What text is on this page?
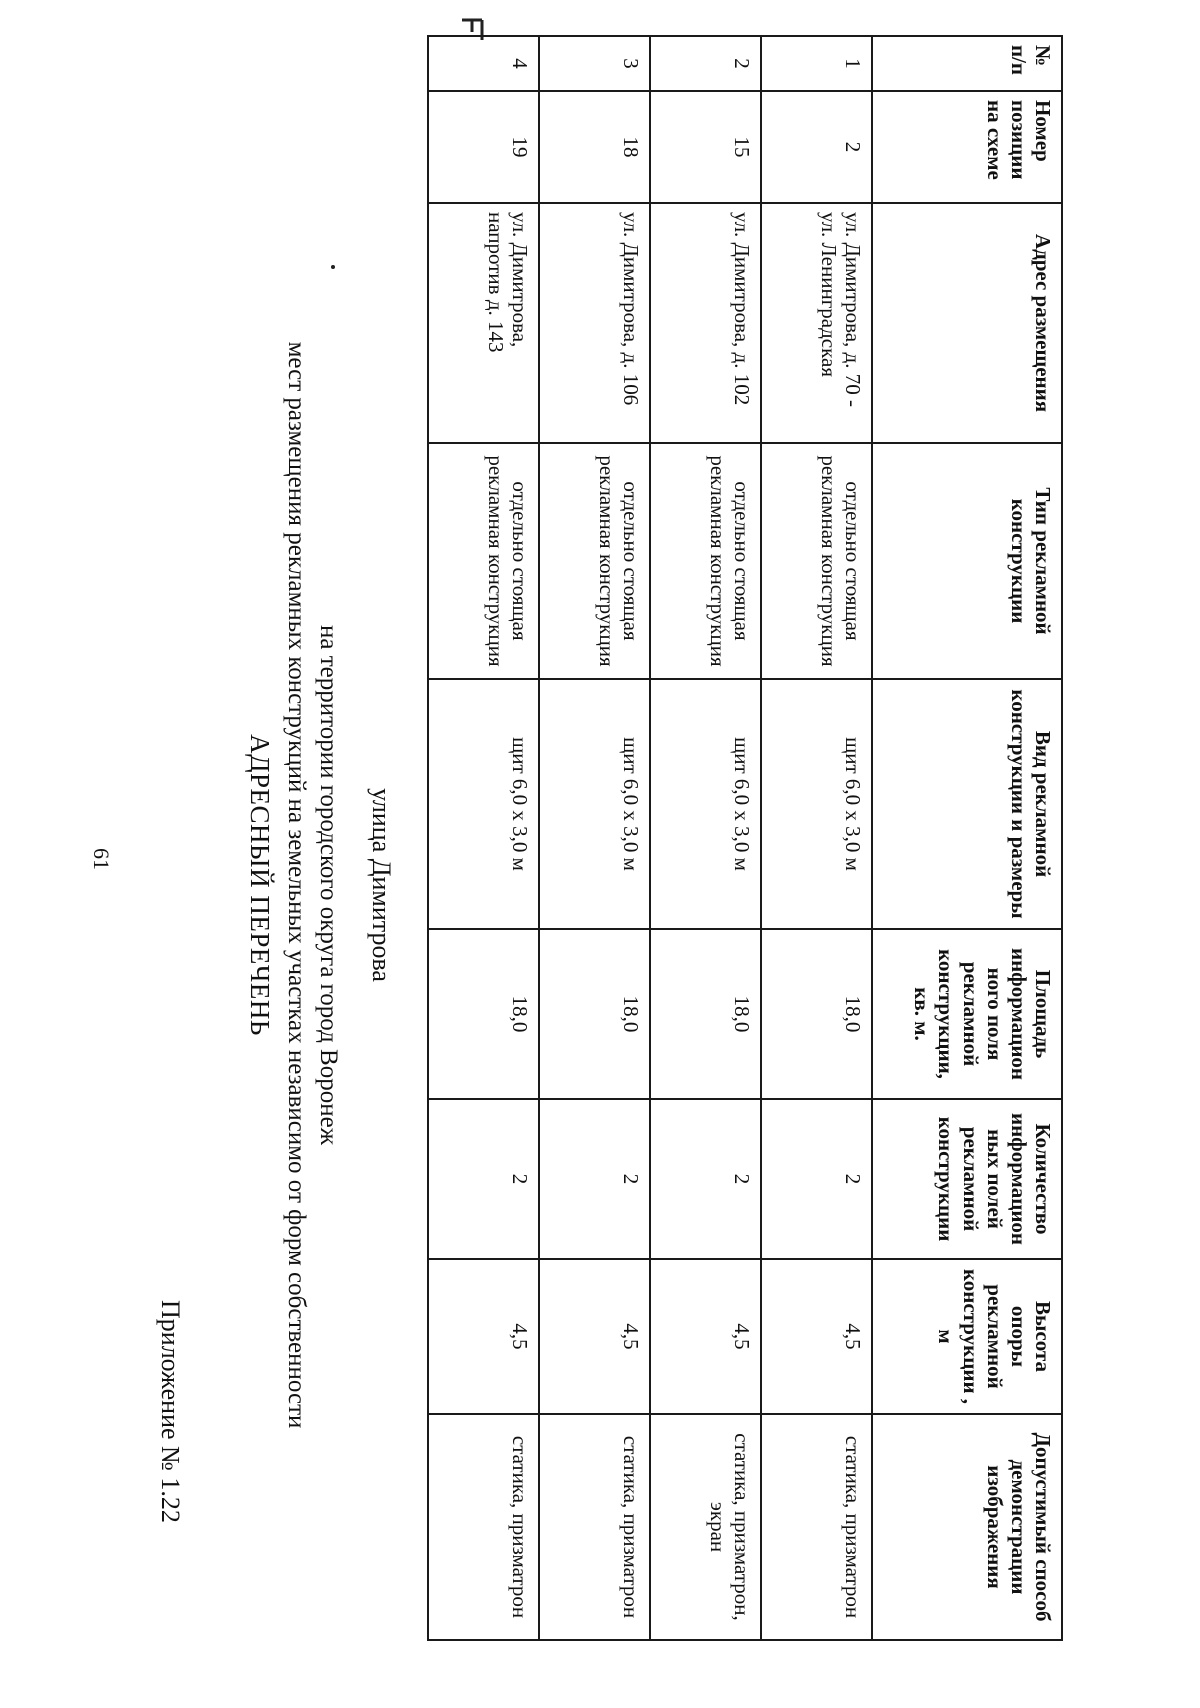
61
Приложение № 1.22
АДРЕСНЫЙ ПЕРЕЧЕНЬ мест размещения рекламных конструкций на земельных участках независимо от форм собственности на территории городского округа город Воронеж улица Димитрова
№ п/п	Номер позиции на схеме	Адрес размещения	Тип рекламной конструкции	Вид рекламной конструкции и размеры	Площадь информацион ного поля рекламной конструкции, кв. м.	Количество информацион ных полей рекламной конструкции	Высота опоры рекламной конструкции , м	Допустимый способ демонстрации изображения
1	2	ул. Димитрова, д. 70 - ул. Ленинградская	отдельно стоящая рекламная конструкция	щит 6,0 х 3,0 м	18,0	2	4,5	статика, призматрон
2	15	ул. Димитрова, д. 102	отдельно стоящая рекламная конструкция	щит 6,0 х 3,0 м	18,0	2	4,5	статика, призматрон, экран
3	18	ул. Димитрова, д. 106	отдельно стоящая рекламная конструкция	щит 6,0 х 3,0 м	18,0	2	4,5	статика, призматрон
4	19	ул. Димитрова, напротив д. 143	отдельно стоящая рекламная конструкция	щит 6,0 х 3,0 м	18,0	2	4,5	статика, призматрон
